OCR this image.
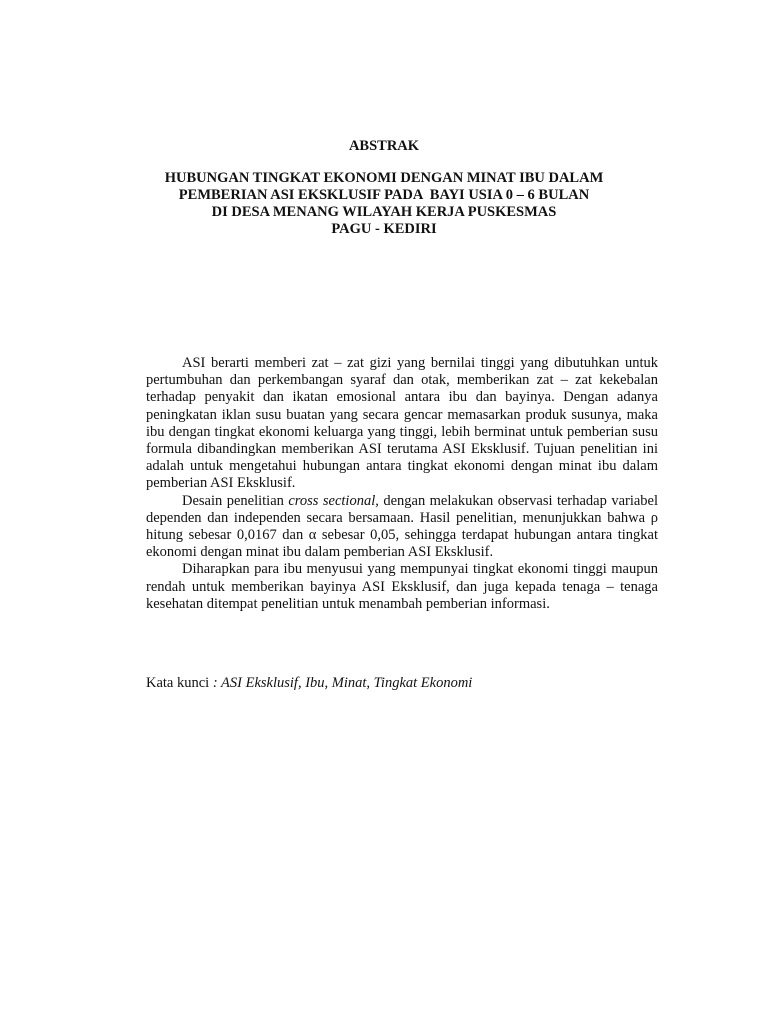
ABSTRAK
HUBUNGAN TINGKAT EKONOMI DENGAN MINAT IBU DALAM
PEMBERIAN ASI EKSKLUSIF PADA  BAYI USIA 0 – 6 BULAN
DI DESA MENANG WILAYAH KERJA PUSKESMAS
PAGU - KEDIRI

ASI berarti memberi zat – zat gizi yang bernilai tinggi yang dibutuhkan untuk pertumbuhan dan perkembangan syaraf dan otak, memberikan zat – zat kekebalan terhadap penyakit dan ikatan emosional antara ibu dan bayinya. Dengan adanya peningkatan iklan susu buatan yang secara gencar memasarkan produk susunya, maka ibu dengan tingkat ekonomi keluarga yang tinggi, lebih berminat untuk pemberian susu formula dibandingkan memberikan ASI terutama ASI Eksklusif. Tujuan penelitian ini adalah untuk mengetahui hubungan antara tingkat ekonomi dengan minat ibu dalam pemberian ASI Eksklusif.

Desain penelitian cross sectional, dengan melakukan observasi terhadap variabel dependen dan independen secara bersamaan. Hasil penelitian, menunjukkan bahwa ρ hitung sebesar 0,0167 dan α sebesar 0,05, sehingga terdapat hubungan antara tingkat ekonomi dengan minat ibu dalam pemberian ASI Eksklusif.

Diharapkan para ibu menyusui yang mempunyai tingkat ekonomi tinggi maupun rendah untuk memberikan bayinya ASI Eksklusif, dan juga kepada tenaga – tenaga kesehatan ditempat penelitian untuk menambah pemberian informasi.

Kata kunci : ASI Eksklusif, Ibu, Minat, Tingkat Ekonomi
